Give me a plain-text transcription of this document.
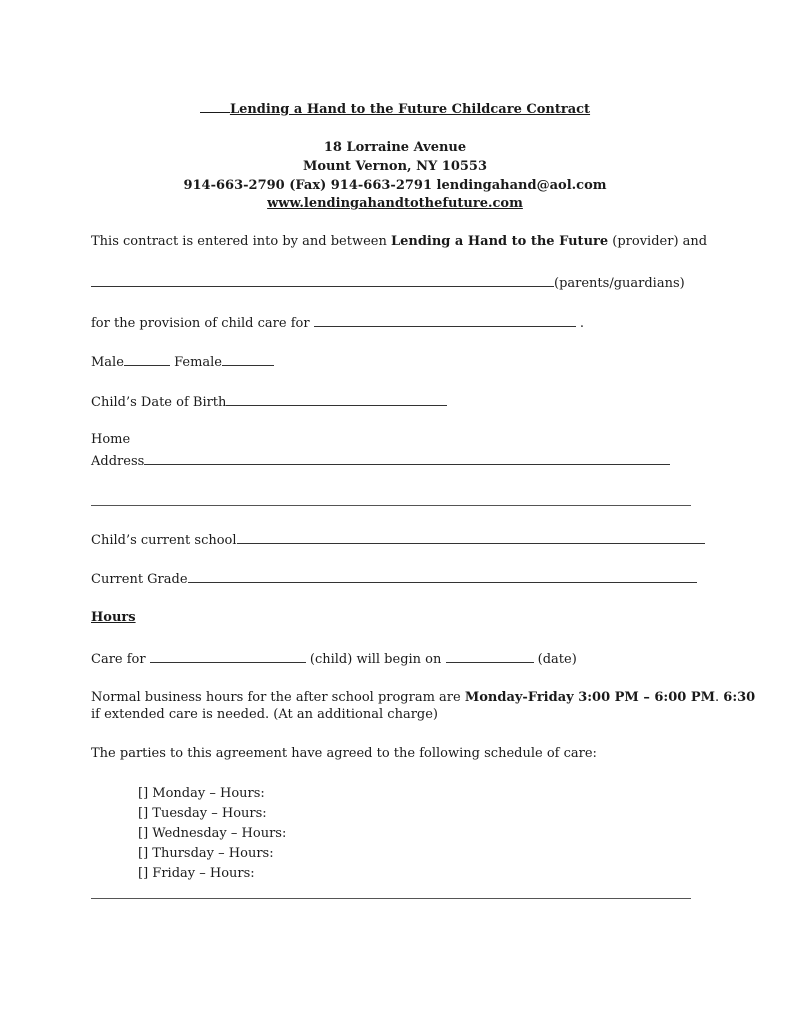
Lending a Hand to the Future Childcare Contract
18 Lorraine Avenue
Mount Vernon, NY 10553
914-663-2790 (Fax) 914-663-2791 lendingahand@aol.com
www.lendingahandtothefuture.com
This contract is entered into by and between Lending a Hand to the Future (provider) and
(parents/guardians)
for the provision of child care for	.
Male	Female
Child’s Date of Birth
Home
Address
Child’s current school
Current Grade
Hours
Care for	(child) will begin on	(date)
Normal business hours for the after school program are Monday-Friday 3:00 PM – 6:00 PM. 6:30
if extended care is needed. (At an additional charge)
The parties to this agreement have agreed to the following schedule of care:
[] Monday – Hours:
[] Tuesday – Hours:
[] Wednesday – Hours:
[] Thursday – Hours:
[] Friday – Hours:
